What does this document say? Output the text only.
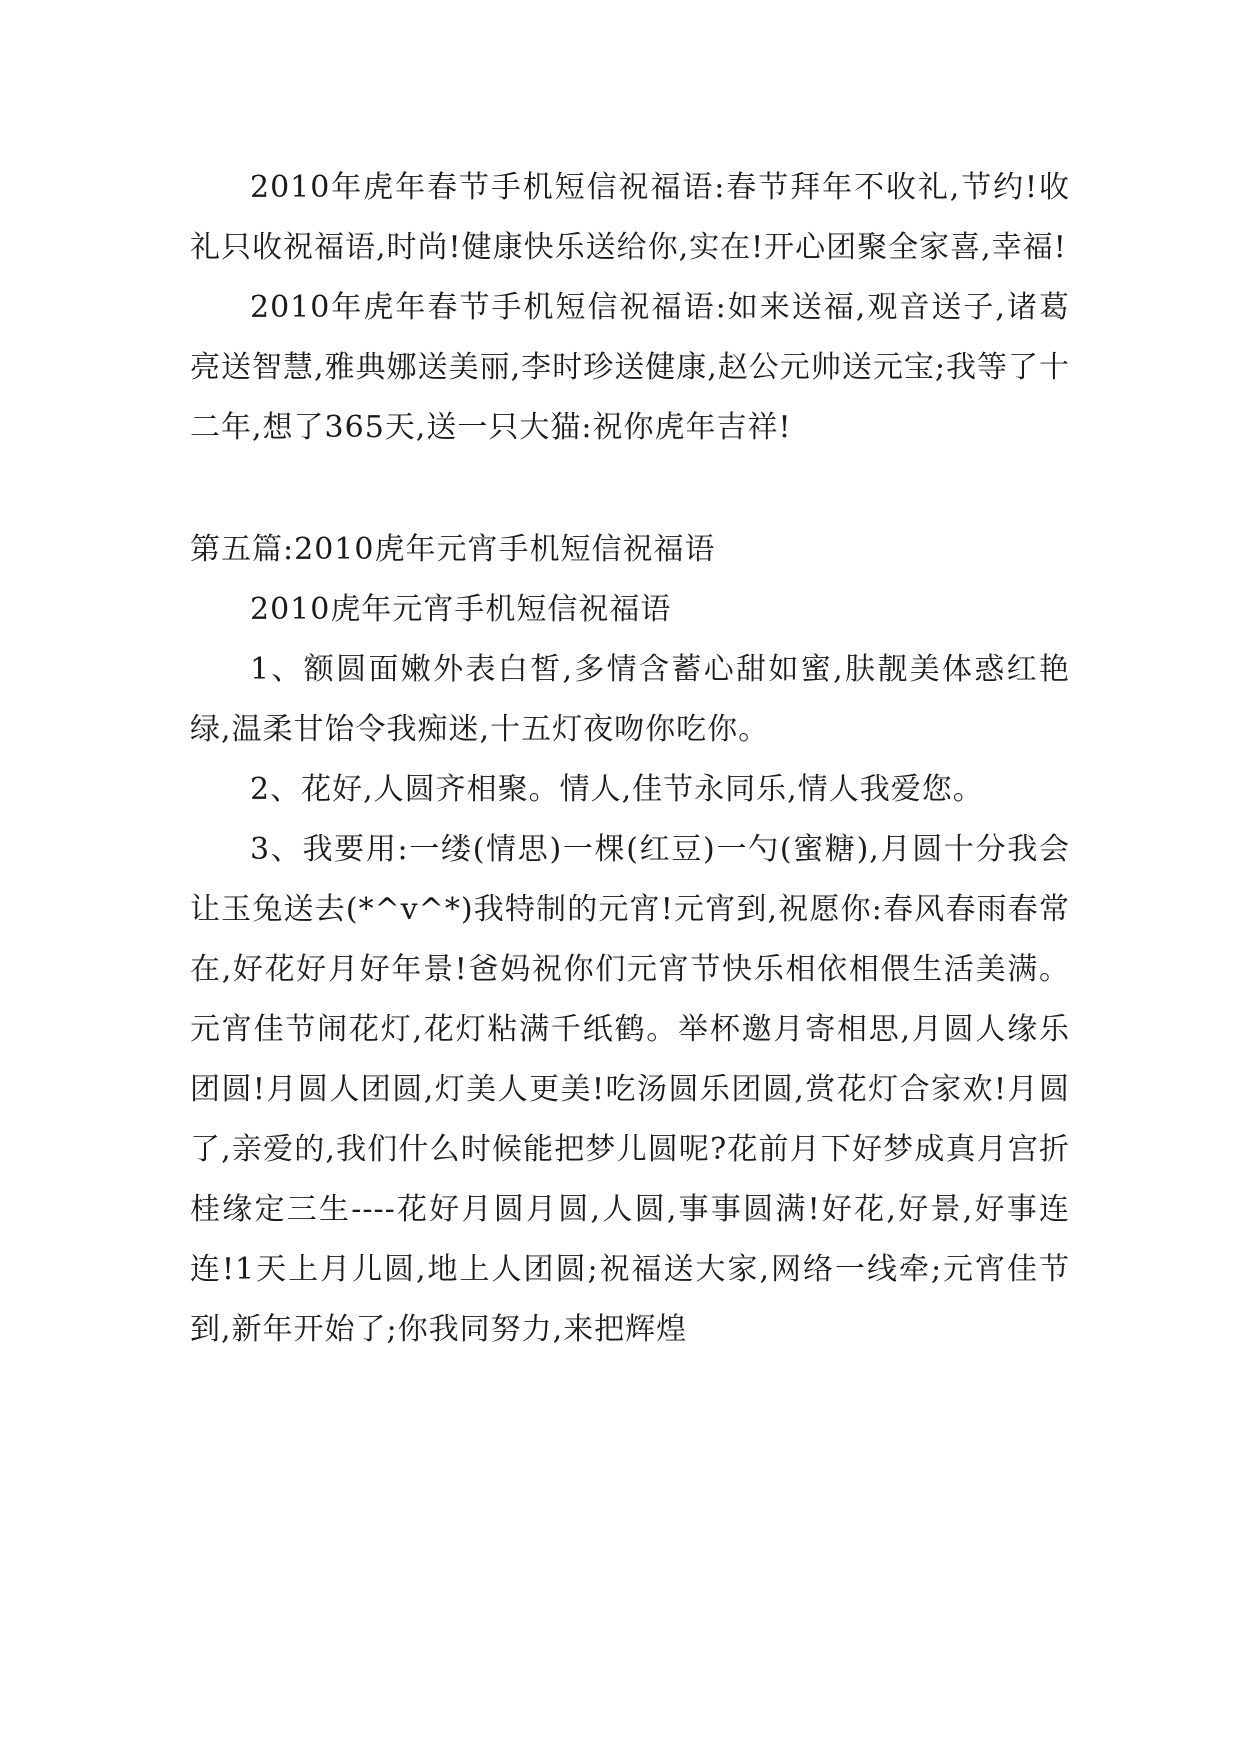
2010年虎年春节手机短信祝福语:春节拜年不收礼,节约!收礼只收祝福语,时尚!健康快乐送给你,实在!开心团聚全家喜,幸福!

2010年虎年春节手机短信祝福语:如来送福,观音送子,诸葛亮送智慧,雅典娜送美丽,李时珍送健康,赵公元帅送元宝;我等了十二年,想了365天,送一只大猫:祝你虎年吉祥!

第五篇:2010虎年元宵手机短信祝福语

2010虎年元宵手机短信祝福语

1、额圆面嫩外表白皙,多情含蓄心甜如蜜,肤靓美体惑红艳绿,温柔甘饴令我痴迷,十五灯夜吻你吃你。

2、花好,人圆齐相聚。情人,佳节永同乐,情人我爱您。

3、我要用:一缕(情思)一棵(红豆)一勺(蜜糖),月圆十分我会让玉兔送去(*^v^*)我特制的元宵!元宵到,祝愿你:春风春雨春常在,好花好月好年景!爸妈祝你们元宵节快乐相依相偎生活美满。元宵佳节闹花灯,花灯粘满千纸鹤。举杯邀月寄相思,月圆人缘乐团圆!月圆人团圆,灯美人更美!吃汤圆乐团圆,赏花灯合家欢!月圆了,亲爱的,我们什么时候能把梦儿圆呢?花前月下好梦成真月宫折桂缘定三生----花好月圆月圆,人圆,事事圆满!好花,好景,好事连连!1天上月儿圆,地上人团圆;祝福送大家,网络一线牵;元宵佳节到,新年开始了;你我同努力,来把辉煌
